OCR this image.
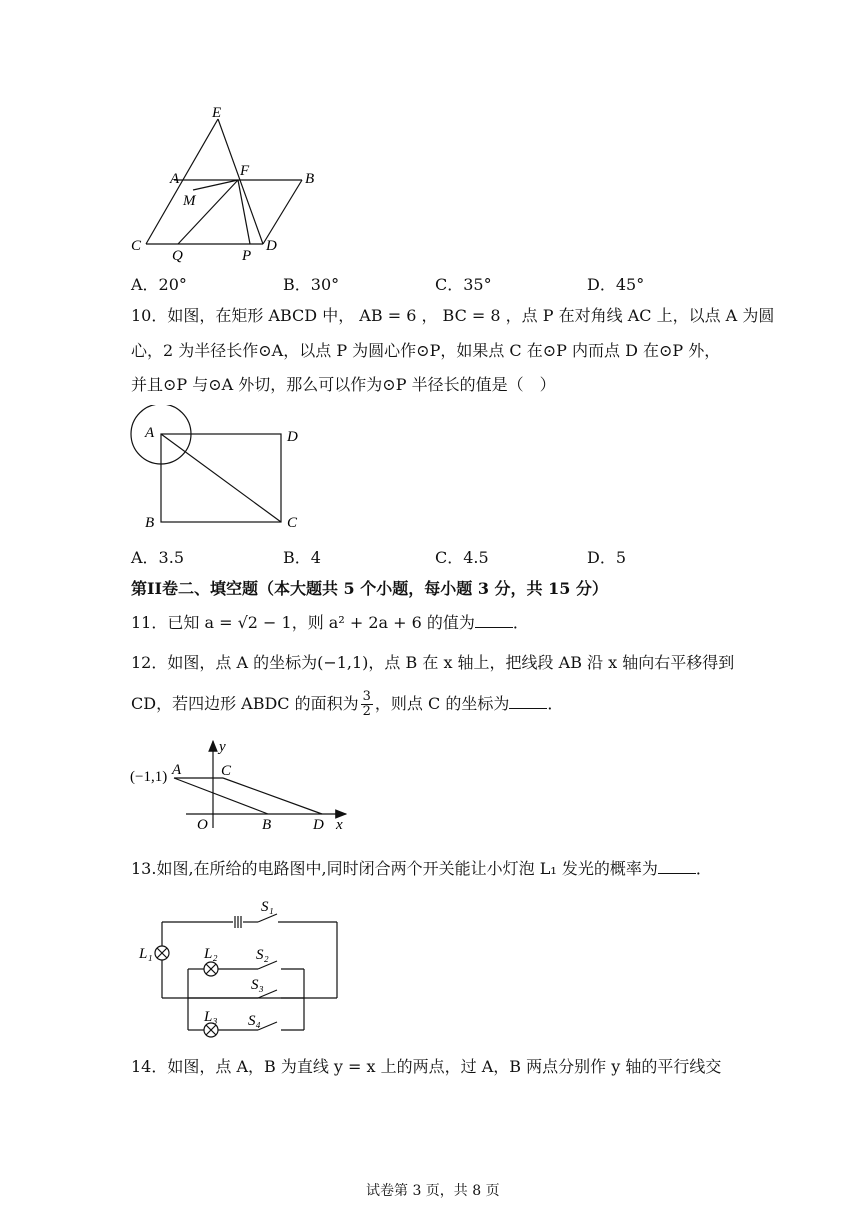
E
A	F	B
M
C
Q	P
D
A．20°	B．30°	C．35°	D．45°
10．如图，在矩形 ABCD 中， AB = 6 ， BC = 8 ，点 P 在对角线 AC 上，以点 A 为圆
心，2 为半径长作⊙A，以点 P 为圆心作⊙P，如果点 C 在⊙P 内而点 D 在⊙P 外，
并且⊙P 与⊙A 外切，那么可以作为⊙P 半径长的值是（　）
A	D
B	C
A．3.5	B．4	C．4.5	D．5
第II卷二、填空题（本大题共 5 个小题，每小题 3 分，共 15 分）
11．已知 a = √2 − 1，则 a² + 2a + 6 的值为 ．
12．如图，点 A 的坐标为(−1,1)，点 B 在 x 轴上，把线段 AB 沿 x 轴向右平移得到
CD，若四边形 ABDC 的面积为 $\frac{3}{2}$ ，则点 C 的坐标为 ．
y
(−1,1) A	C
O	B	D x
13.如图,在所给的电路图中,同时闭合两个开关能让小灯泡 L₁ 发光的概率为 ．
S₁
L₁	L₂	S₂
S₃
L₃ S₄
14．如图，点 A，B 为直线 y = x 上的两点，过 A，B 两点分别作 y 轴的平行线交
试卷第 3 页，共 8 页
